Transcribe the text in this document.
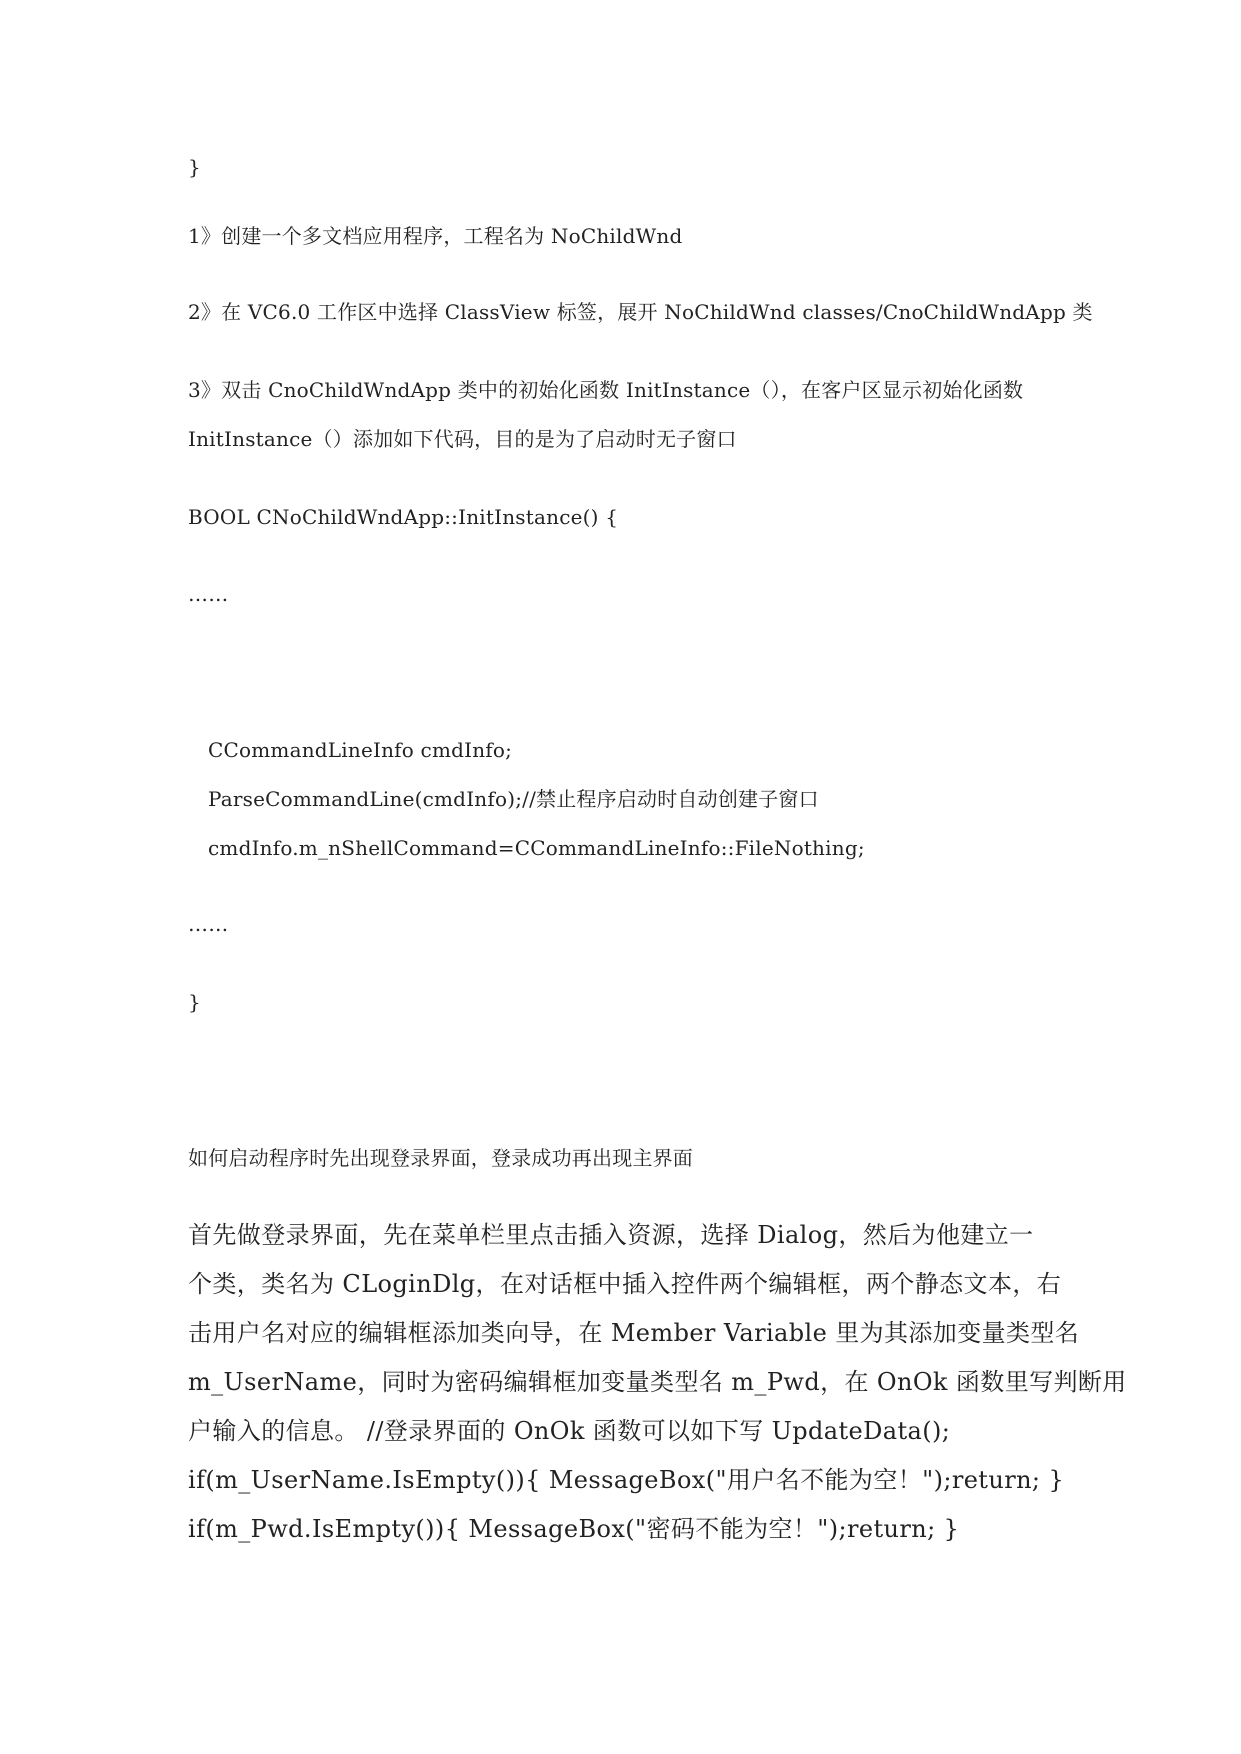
}
1》创建一个多文档应用程序，工程名为 NoChildWnd
2》在 VC6.0 工作区中选择 ClassView 标签，展开 NoChildWnd classes/CnoChildWndApp 类
3》双击 CnoChildWndApp 类中的初始化函数 InitInstance（），在客户区显示初始化函数
InitInstance（）添加如下代码，目的是为了启动时无子窗口
BOOL CNoChildWndApp::InitInstance() {
……
CCommandLineInfo cmdInfo;
ParseCommandLine(cmdInfo);//禁止程序启动时自动创建子窗口
cmdInfo.m_nShellCommand=CCommandLineInfo::FileNothing;
……
}
如何启动程序时先出现登录界面，登录成功再出现主界面
首先做登录界面，先在菜单栏里点击插入资源，选择 Dialog，然后为他建立一
个类，类名为 CLoginDlg，在对话框中插入控件两个编辑框，两个静态文本，右
击用户名对应的编辑框添加类向导，在 Member Variable 里为其添加变量类型名
m_UserName，同时为密码编辑框加变量类型名 m_Pwd，在 OnOk 函数里写判断用
户输入的信息。 //登录界面的 OnOk 函数可以如下写 UpdateData();
if(m_UserName.IsEmpty()){ MessageBox("用户名不能为空！");return; }
if(m_Pwd.IsEmpty()){ MessageBox("密码不能为空！");return; }
